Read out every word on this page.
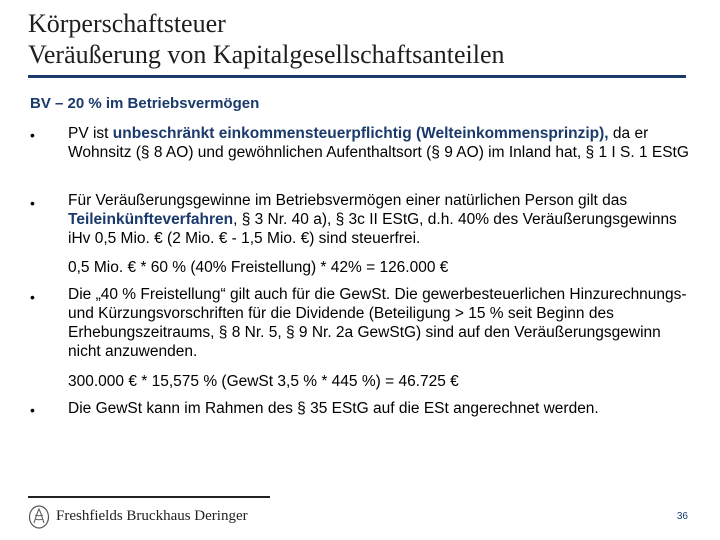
Körperschaftsteuer
Veräußerung von Kapitalgesellschaftsanteilen
BV – 20 % im Betriebsvermögen
• PV ist unbeschränkt einkommensteuerpflichtig (Welteinkommensprinzip), da er Wohnsitz (§ 8 AO) und gewöhnlichen Aufenthaltsort (§ 9 AO) im Inland hat, § 1 I S. 1 EStG
• Für Veräußerungsgewinne im Betriebsvermögen einer natürlichen Person gilt das Teileinkünfteverfahren, § 3 Nr. 40 a), § 3c II EStG, d.h. 40% des Veräußerungsgewinns iHv 0,5 Mio. € (2 Mio. € - 1,5 Mio. €) sind steuerfrei.
0,5 Mio. € * 60 % (40% Freistellung) * 42% = 126.000 €
• Die „40 % Freistellung“ gilt auch für die GewSt. Die gewerbesteuerlichen Hinzurechnungs- und Kürzungsvorschriften für die Dividende (Beteiligung > 15 % seit Beginn des Erhebungszeitraums, § 8 Nr. 5, § 9 Nr. 2a GewStG) sind auf den Veräußerungsgewinn nicht anzuwenden.
300.000 € * 15,575 % (GewSt 3,5 % * 445 %) = 46.725 €
• Die GewSt kann im Rahmen des § 35 EStG auf die ESt angerechnet werden.
Freshfields Bruckhaus Deringer	36
